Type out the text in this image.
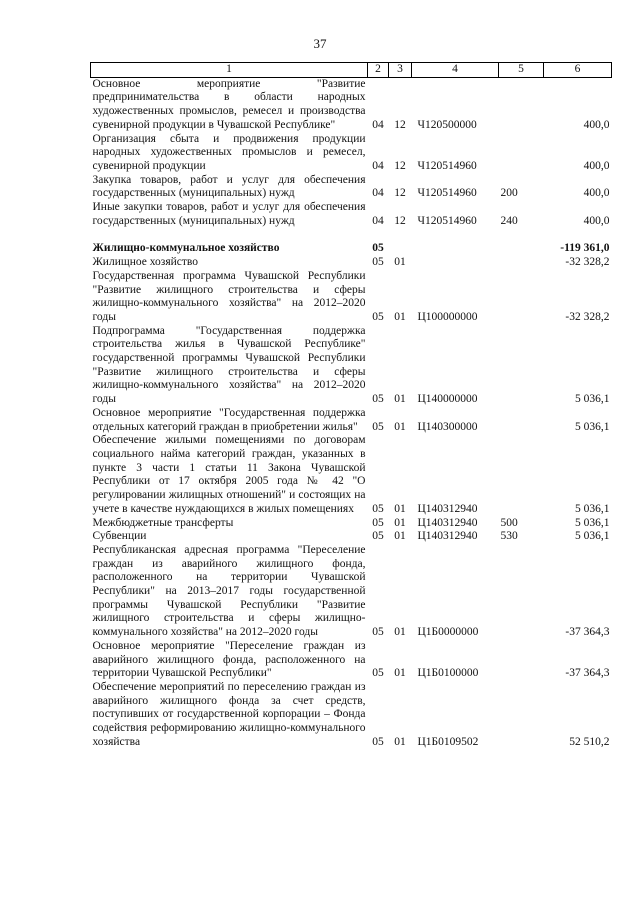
37
1	2	3	4	5	6
Основное мероприятие "Развитие предпринимательства в области народных художественных промыслов, ремесел и производства сувенирной продукции в Чувашской Республике"	04	12	Ч120500000		400,0
Организация сбыта и продвижения продукции народных художественных промыслов и ремесел, сувенирной продукции	04	12	Ч120514960		400,0
Закупка товаров, работ и услуг для обеспечения государственных (муниципальных) нужд	04	12	Ч120514960	200	400,0
Иные закупки товаров, работ и услуг для обеспечения государственных (муниципальных) нужд	04	12	Ч120514960	240	400,0

Жилищно-коммунальное хозяйство	05				-119 361,0
Жилищное хозяйство	05	01			-32 328,2
Государственная программа Чувашской Республики "Развитие жилищного строительства и сферы жилищно-коммунального хозяйства" на 2012–2020 годы	05	01	Ц100000000		-32 328,2
Подпрограмма "Государственная поддержка строительства жилья в Чувашской Республике" государственной программы Чувашской Республики "Развитие жилищного строительства и сферы жилищно-коммунального хозяйства" на 2012–2020 годы	05	01	Ц140000000		5 036,1
Основное мероприятие "Государственная поддержка отдельных категорий граждан в приобретении жилья"	05	01	Ц140300000		5 036,1
Обеспечение жилыми помещениями по договорам социального найма категорий граждан, указанных в пункте 3 части 1 статьи 11 Закона Чувашской Республики от 17 октября 2005 года № 42 "О регулировании жилищных отношений" и состоящих на учете в качестве нуждающихся в жилых помещениях	05	01	Ц140312940		5 036,1
Межбюджетные трансферты	05	01	Ц140312940	500	5 036,1
Субвенции	05	01	Ц140312940	530	5 036,1
Республиканская адресная программа "Переселение граждан из аварийного жилищного фонда, расположенного на территории Чувашской Республики" на 2013–2017 годы государственной программы Чувашской Республики "Развитие жилищного строительства и сферы жилищно-коммунального хозяйства" на 2012–2020 годы	05	01	Ц1Б0000000		-37 364,3
Основное мероприятие "Переселение граждан из аварийного жилищного фонда, расположенного на территории Чувашской Республики"	05	01	Ц1Б0100000		-37 364,3
Обеспечение мероприятий по переселению граждан из аварийного жилищного фонда за счет средств, поступивших от государственной корпорации – Фонда содействия реформированию жилищно-коммунального хозяйства	05	01	Ц1Б0109502		52 510,2
